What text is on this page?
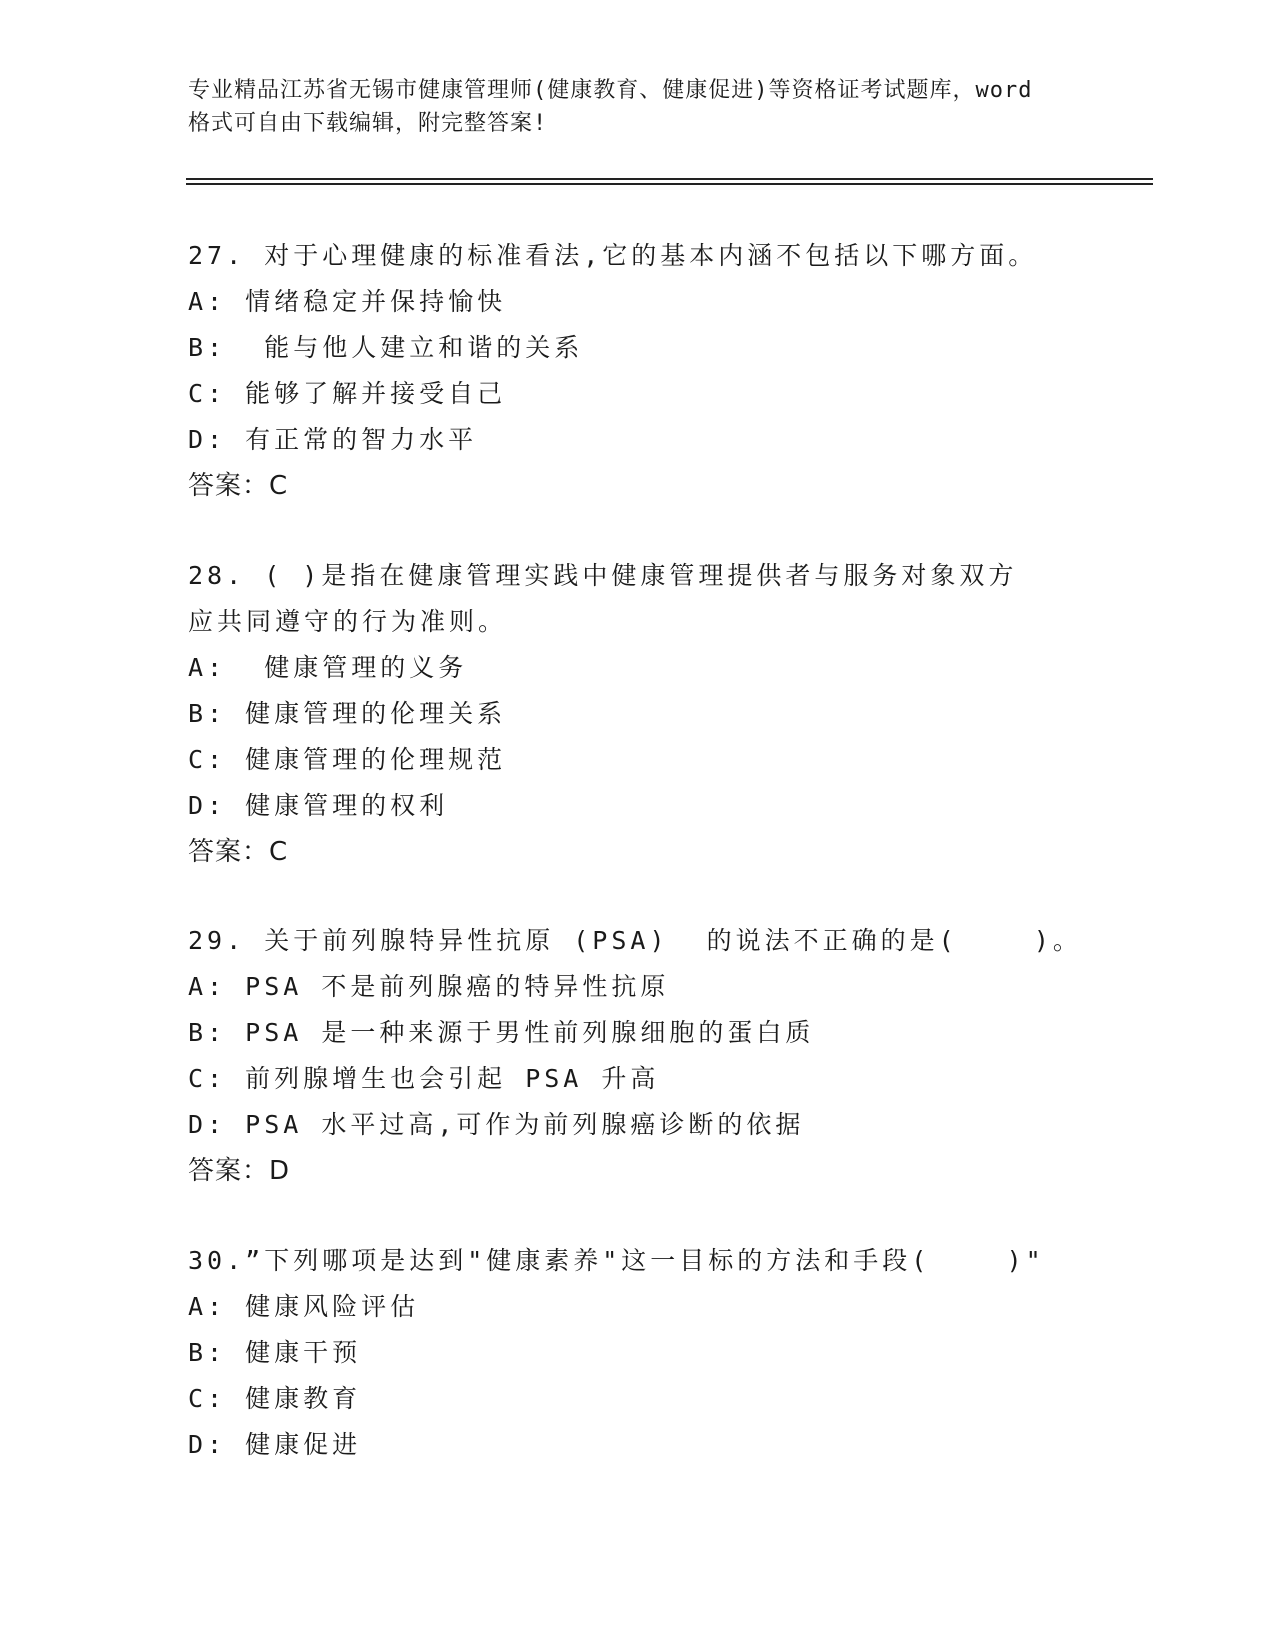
专业精品江苏省无锡市健康管理师(健康教育、健康促进)等资格证考试题库，word
格式可自由下载编辑，附完整答案!

27. 对于心理健康的标准看法,它的基本内涵不包括以下哪方面。

A: 情绪稳定并保持愉快

B:  能与他人建立和谐的关系

C: 能够了解并接受自己

D: 有正常的智力水平

答案：C

28. ( )是指在健康管理实践中健康管理提供者与服务对象双方应共同遵守的行为准则。

A:  健康管理的义务

B: 健康管理的伦理关系

C: 健康管理的伦理规范

D: 健康管理的权利

答案：C

29. 关于前列腺特异性抗原 (PSA)  的说法不正确的是(    )。

A: PSA 不是前列腺癌的特异性抗原

B: PSA 是一种来源于男性前列腺细胞的蛋白质

C: 前列腺增生也会引起 PSA 升高

D: PSA 水平过高,可作为前列腺癌诊断的依据

答案：D

30.”下列哪项是达到"健康素养"这一目标的方法和手段(    )"

A: 健康风险评估

B: 健康干预

C: 健康教育

D: 健康促进
